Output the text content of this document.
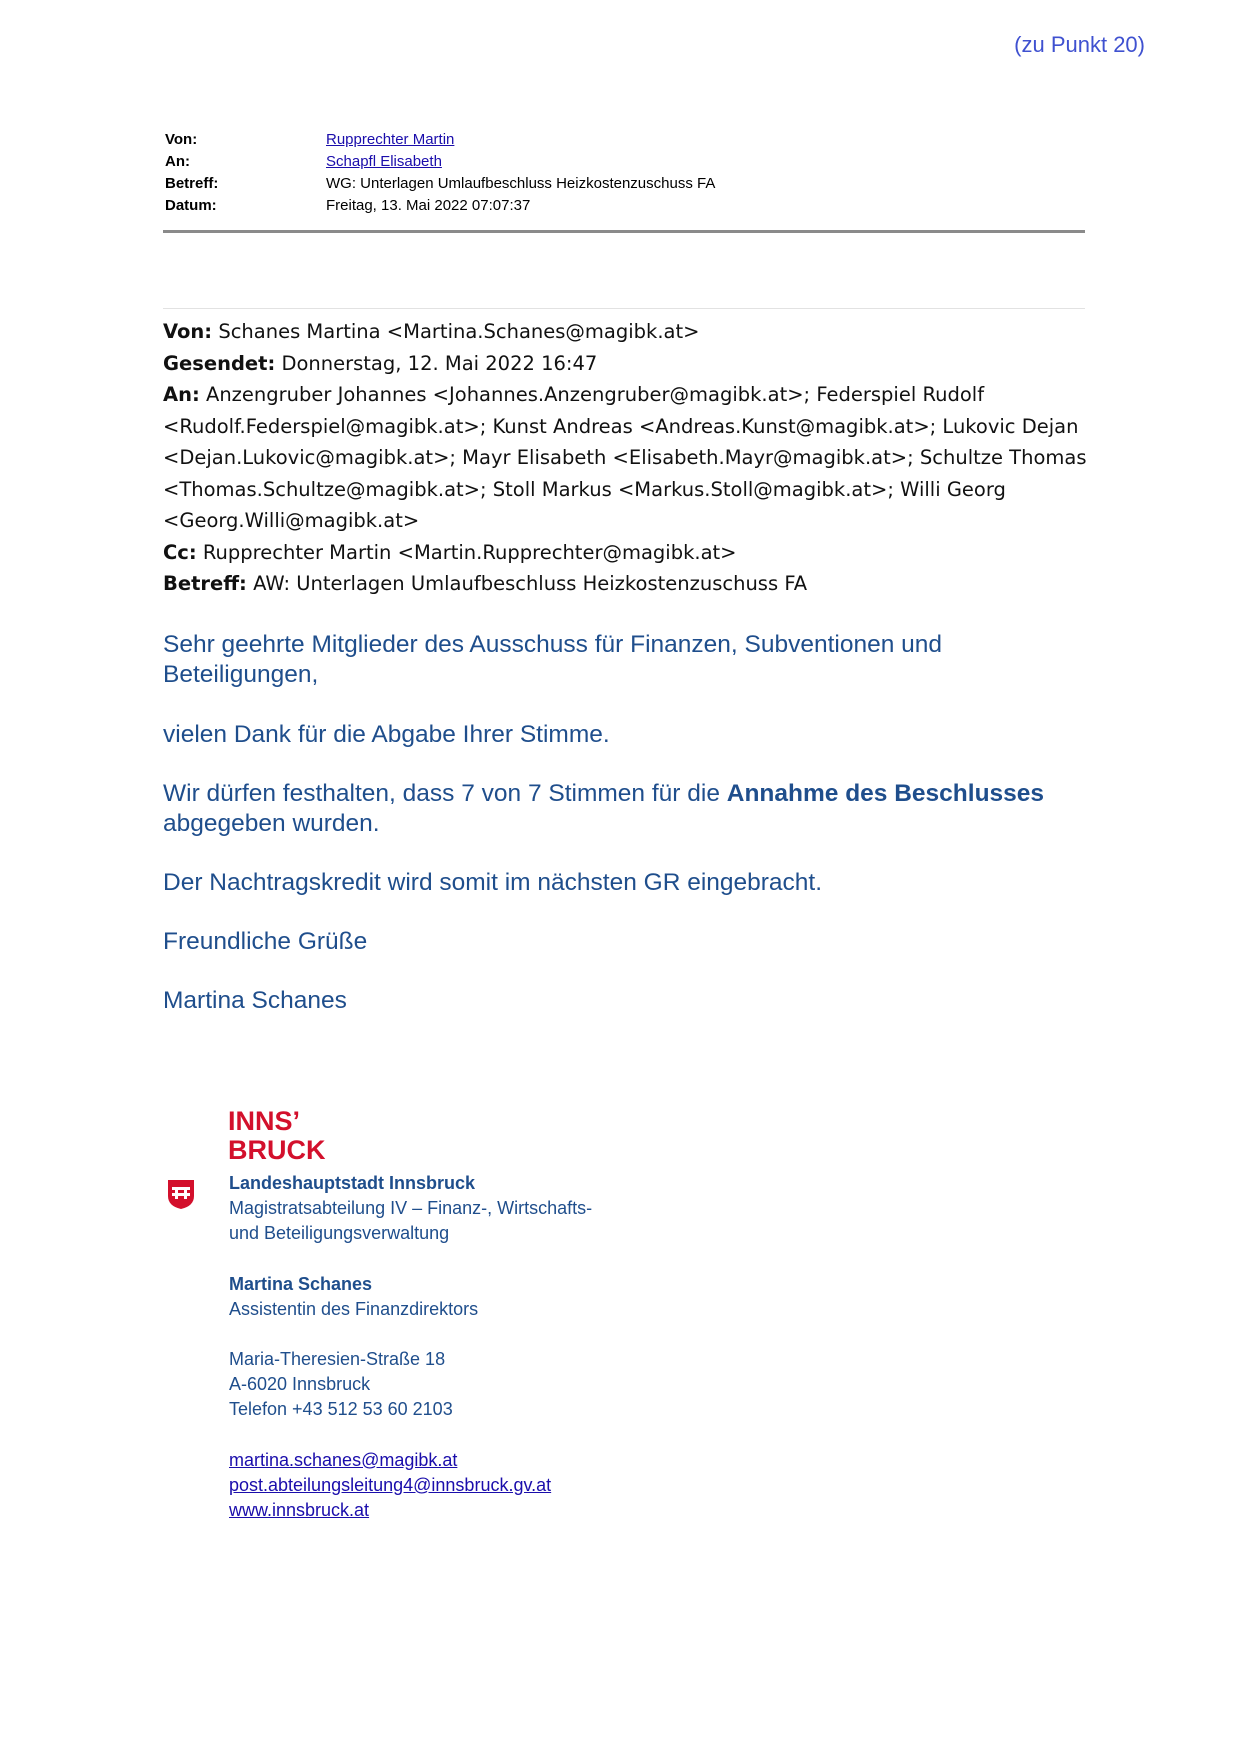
(zu Punkt 20)
Von:	Rupprechter Martin
An:	Schapfl Elisabeth
Betreff:	WG: Unterlagen Umlaufbeschluss Heizkostenzuschuss FA
Datum:	Freitag, 13. Mai 2022 07:07:37
Von: Schanes Martina <Martina.Schanes@magibk.at>
Gesendet: Donnerstag, 12. Mai 2022 16:47
An: Anzengruber Johannes <Johannes.Anzengruber@magibk.at>; Federspiel Rudolf
<Rudolf.Federspiel@magibk.at>; Kunst Andreas <Andreas.Kunst@magibk.at>; Lukovic Dejan
<Dejan.Lukovic@magibk.at>; Mayr Elisabeth <Elisabeth.Mayr@magibk.at>; Schultze Thomas
<Thomas.Schultze@magibk.at>; Stoll Markus <Markus.Stoll@magibk.at>; Willi Georg
<Georg.Willi@magibk.at>
Cc: Rupprechter Martin <Martin.Rupprechter@magibk.at>
Betreff: AW: Unterlagen Umlaufbeschluss Heizkostenzuschuss FA

Sehr geehrte Mitglieder des Ausschuss für Finanzen, Subventionen und
Beteiligungen,

vielen Dank für die Abgabe Ihrer Stimme.

Wir dürfen festhalten, dass 7 von 7 Stimmen für die Annahme des Beschlusses
abgegeben wurden.

Der Nachtragskredit wird somit im nächsten GR eingebracht.

Freundliche Grüße

Martina Schanes

INNS’
BRUCK
Landeshauptstadt Innsbruck
Magistratsabteilung IV – Finanz-, Wirtschafts-
und Beteiligungsverwaltung
Martina Schanes
Assistentin des Finanzdirektors
Maria-Theresien-Straße 18
A-6020 Innsbruck
Telefon +43 512 53 60 2103
martina.schanes@magibk.at
post.abteilungsleitung4@innsbruck.gv.at
www.innsbruck.at
